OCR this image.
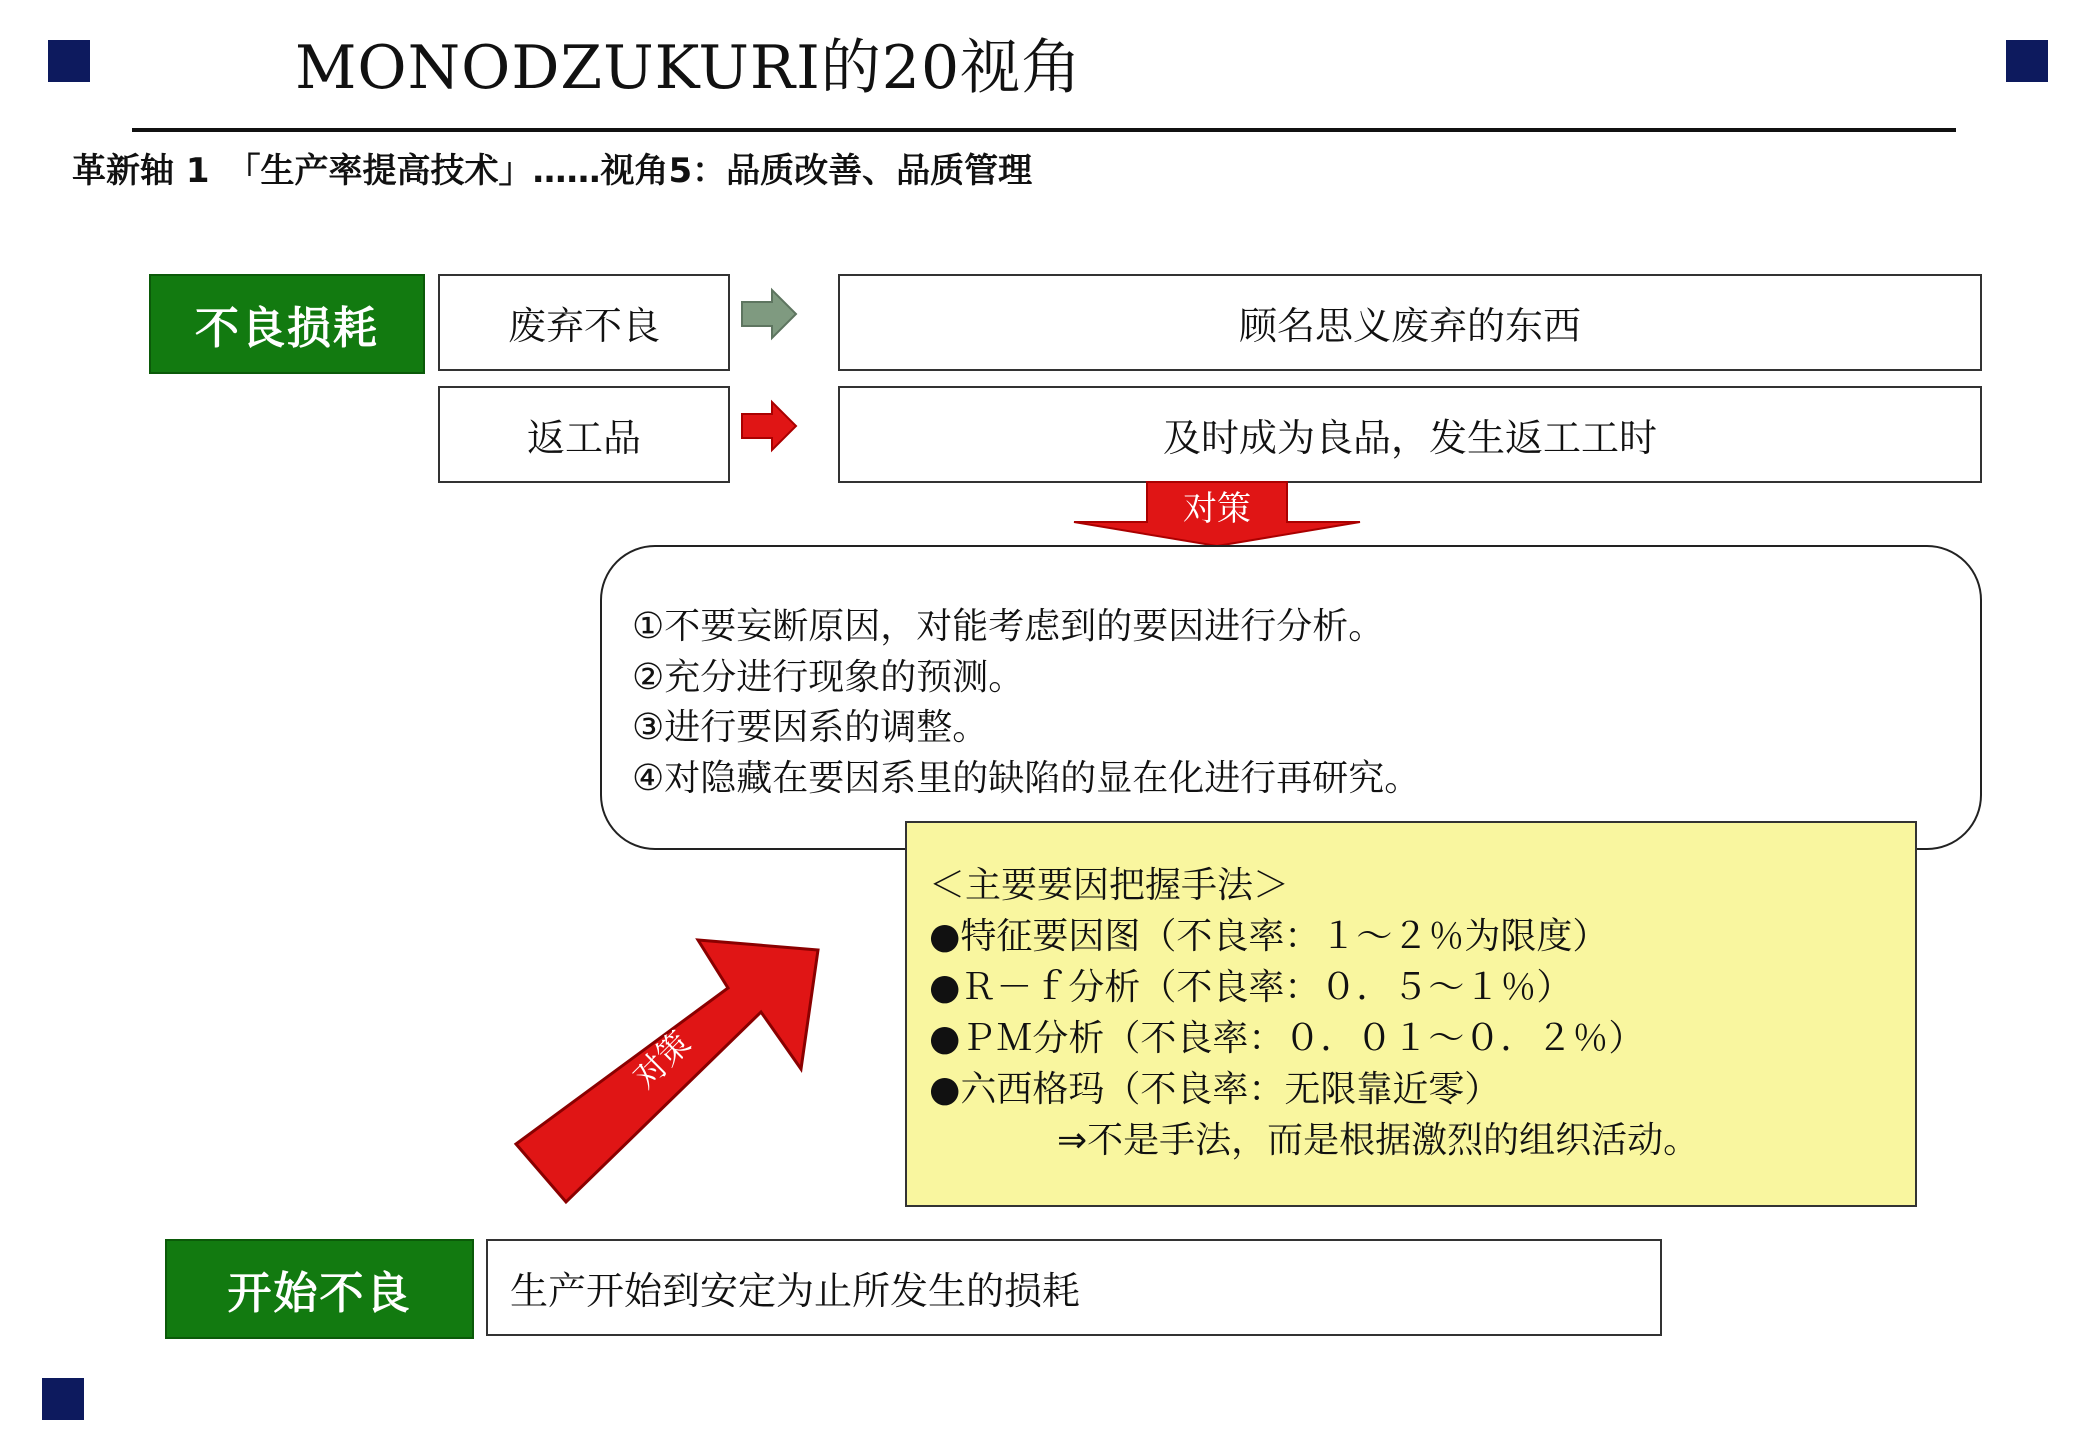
MONODZUKURI的20视角
革新轴 1　「生产率提高技术」……视角5：品质改善、品质管理
不良损耗	废弃不良	顾名思义废弃的东西
返工品	及时成为良品，发生返工工时
对策
①不要妄断原因，对能考虑到的要因进行分析。
②充分进行现象的预测。
③进行要因系的调整。
④对隐藏在要因系里的缺陷的显在化进行再研究。
＜主要要因把握手法＞
●特征要因图（不良率：１～２％为限度）
●Ｒ－ｆ分析（不良率：０．５～１％）
●ＰＭ分析（不良率：０．０１～０．２％）
●六西格玛（不良率：无限靠近零）
⇒不是手法，而是根据激烈的组织活动。
对策
开始不良	生产开始到安定为止所发生的损耗
